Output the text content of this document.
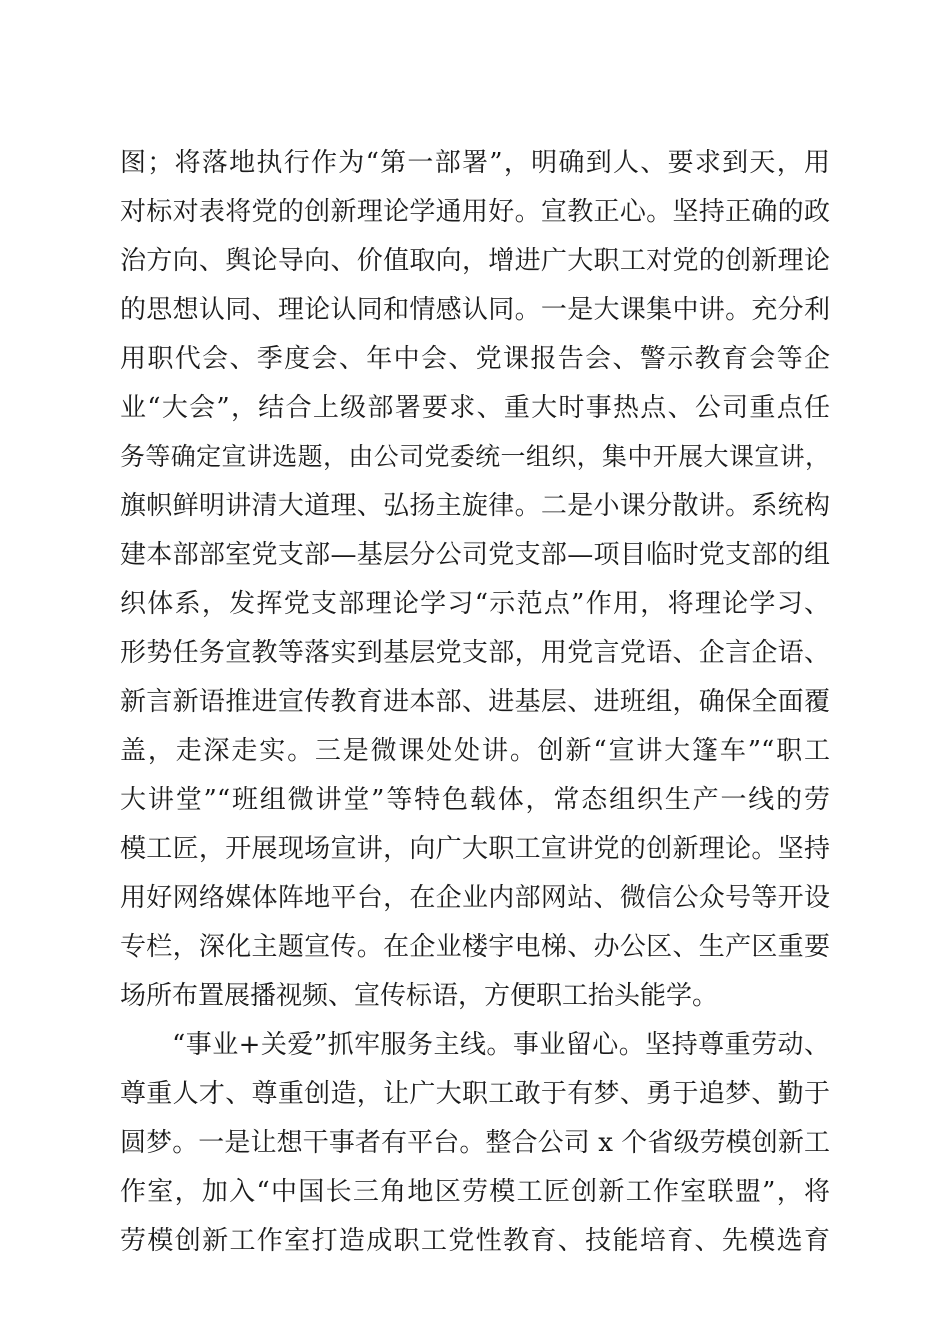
图；将落地执行作为“第一部署”，明确到人、要求到天，用
对标对表将党的创新理论学通用好。宣教正心。坚持正确的政
治方向、舆论导向、价值取向，增进广大职工对党的创新理论
的思想认同、理论认同和情感认同。一是大课集中讲。充分利
用职代会、季度会、年中会、党课报告会、警示教育会等企
业“大会”，结合上级部署要求、重大时事热点、公司重点任
务等确定宣讲选题，由公司党委统一组织，集中开展大课宣讲，
旗帜鲜明讲清大道理、弘扬主旋律。二是小课分散讲。系统构
建本部部室党支部—基层分公司党支部—项目临时党支部的组
织体系，发挥党支部理论学习“示范点”作用，将理论学习、
形势任务宣教等落实到基层党支部，用党言党语、企言企语、
新言新语推进宣传教育进本部、进基层、进班组，确保全面覆
盖，走深走实。三是微课处处讲。创新“宣讲大篷车”“职工
大讲堂”“班组微讲堂”等特色载体，常态组织生产一线的劳
模工匠，开展现场宣讲，向广大职工宣讲党的创新理论。坚持
用好网络媒体阵地平台，在企业内部网站、微信公众号等开设
专栏，深化主题宣传。在企业楼宇电梯、办公区、生产区重要
场所布置展播视频、宣传标语，方便职工抬头能学。
“事业+关爱”抓牢服务主线。事业留心。坚持尊重劳动、
尊重人才、尊重创造，让广大职工敢于有梦、勇于追梦、勤于
圆梦。一是让想干事者有平台。整合公司 x 个省级劳模创新工
作室，加入“中国长三角地区劳模工匠创新工作室联盟”，将
劳模创新工作室打造成职工党性教育、技能培育、先模选育
